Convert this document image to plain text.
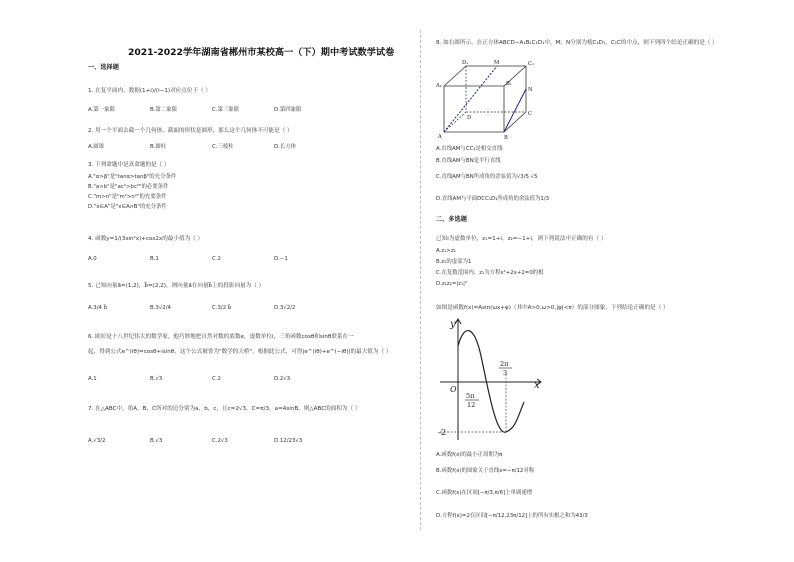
2021-2022学年湖南省郴州市某校高一（下）期中考试数学试卷
一、选择题
1. 在复平面内，数据⁣(1+i)/(i−1)对应点位于（ ）
A.第一象限	B.第二象限	C.第三象限	D.第四象限
2. 用一个平面去截一个几何体，截面的形状是圆形，那么这个几何体不可能是（ ）
A.圆锥	B.圆柱	C.三棱柱	D.长方体
3. 下列命题中是真命题的是（ ）
A."α>β"是"tanα>tanβ"的充分条件
B."a>b"是"ac²>bc²"的必要条件
C."m>n"是"m²>n²"的充要条件
D."x∈A"是"x∈A∩B"的充分条件
4. 函数y=1/(3sin²x)+cos2x的最小值为（ ）
A.0	B.1	C.2	D.−1
5. 已知向量a⃗=(1,2)，b⃗=(2,2)，则向量a⃗在向量b⃗上的投影向量为（ ）
A.3/4 b⃗	B.3√2/4	C.3/2 b⃗	D.3√2/2
6. 欧拉是十八世纪伟大的数学家，他巧妙地把自然对数的底数e，虚数单位i，三角函数cosθ和sinθ联系在一
起，得到公式e^(iθ)=cosθ+isinθ，这个公式被誉为"数学的天桥"，根据此公式，可得|e^(iθ)+e^(−iθ)|的最大值为（ ）
A.1	B.√3	C.2	D.2√3
7. 在△ABC中，角A，B，C所对的边分别为a，b，c，且c=2√3，C=π/3，a=4sinB，则△ABC的面积为（ ）
A.√3/2	B.√3	C.2√3	D.12/23√3
8. 如右图所示，在正方体ABCD−A₁B₁C₁D₁中，M，N分别为棱C₁D₁，C₁C的中点，则下列四个结论正确的是（ ）
D₁	M	C₁
A₁	B₁
N
D
C
A	B
A.直线AM与CC₁是相交直线
B.直线AM与BN是平行直线
C.直线AM与BN所成角的余弦值为√3/5 √5
D.直线AM与平面DCC₁D₁所成角的余弦值为1/3
二、多选题
已知i为虚数单位，z₁=1+i，z₂=−1+i，则下列说法中正确的有（ ）
A.z₁>z₂
B.z₁的虚部为1
C.在复数范围内，z₁为方程x²+2x+2=0的根
D.z₁z₂=|z₁|²
如图是函数f(x)=Asin(ωx+φ)（其中A>0,ω>0,|φ|<π）的部分图象，下列结论正确的是（ ）
y
x
O
2π
3
5π
12
-2
A.函数f(x)的最小正周期为π
B.函数f(x)的图象关于直线x=−π/12对称
C.函数f(x)在区间[−π/3,π/6]上单调递增
D.方程f(x)=2在区间[−π/12,23π/12]上的所有实根之和为43/3
